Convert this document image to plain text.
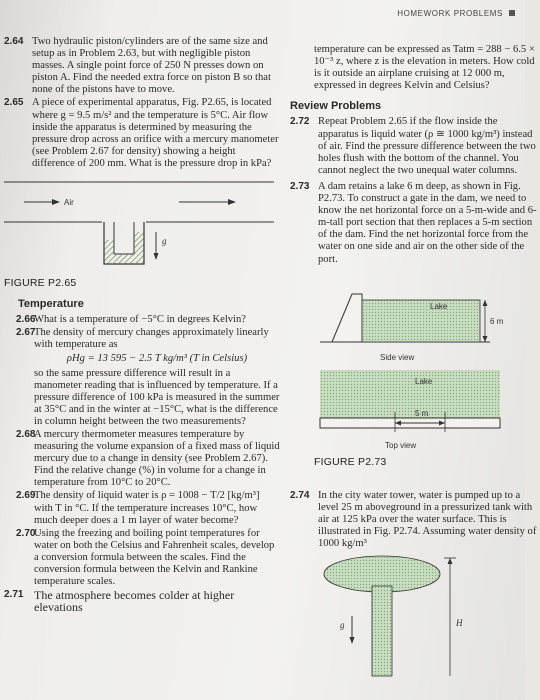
HOMEWORK PROBLEMS
2.64 Two hydraulic piston/cylinders are of the same size and setup as in Problem 2.63, but with negligible piston masses. A single point force of 250 N presses down on piston A. Find the needed extra force on piston B so that none of the pistons have to move.
2.65 A piece of experimental apparatus, Fig. P2.65, is located where g = 9.5 m/s² and the temperature is 5°C. Air flow inside the apparatus is determined by measuring the pressure drop across an orifice with a mercury manometer (see Problem 2.67 for density) showing a height difference of 200 mm. What is the pressure drop in kPa?
Air
g
FIGURE P2.65
Temperature
2.66
What is a temperature of −5°C in degrees Kelvin?
2.67
The density of mercury changes approximately linearly with temperature as
ρHg = 13 595 − 2.5 T kg/m³ (T in Celsius)
so the same pressure difference will result in a manometer reading that is influenced by temperature. If a pressure difference of 100 kPa is measured in the summer at 35°C and in the winter at −15°C, what is the difference in column height between the two measurements?
2.68
A mercury thermometer measures temperature by measuring the volume expansion of a fixed mass of liquid mercury due to a change in density (see Problem 2.67). Find the relative change (%) in volume for a change in temperature from 10°C to 20°C.
2.69
The density of liquid water is ρ = 1008 − T/2 [kg/m³] with T in °C. If the temperature increases 10°C, how much deeper does a 1 m layer of water become?
2.70
Using the freezing and boiling point temperatures for water on both the Celsius and Fahrenheit scales, develop a conversion formula between the scales. Find the conversion formula between the Kelvin and Rankine temperature scales.
2.71 The atmosphere becomes colder at higher elevations
temperature can be expressed as Tatm = 288 − 6.5 × 10⁻³ z, where z is the elevation in meters. How cold is it outside an airplane cruising at 12 000 m, expressed in degrees Kelvin and Celsius?
Review Problems
2.72 Repeat Problem 2.65 if the flow inside the apparatus is liquid water (ρ ≅ 1000 kg/m³) instead of air. Find the pressure difference between the two holes flush with the bottom of the channel. You cannot neglect the two unequal water columns.
2.73 A dam retains a lake 6 m deep, as shown in Fig. P2.73. To construct a gate in the dam, we need to know the net horizontal force on a 5-m-wide and 6-m-tall port section that then replaces a 5-m section of the dam. Find the net horizontal force from the water on one side and air on the other side of the port.
Lake
6 m
Side view
Lake
5 m
Top view
FIGURE P2.73
2.74 In the city water tower, water is pumped up to a level 25 m aboveground in a pressurized tank with air at 125 kPa over the water surface. This is illustrated in Fig. P2.74. Assuming water density of 1000 kg/m³
g	H
